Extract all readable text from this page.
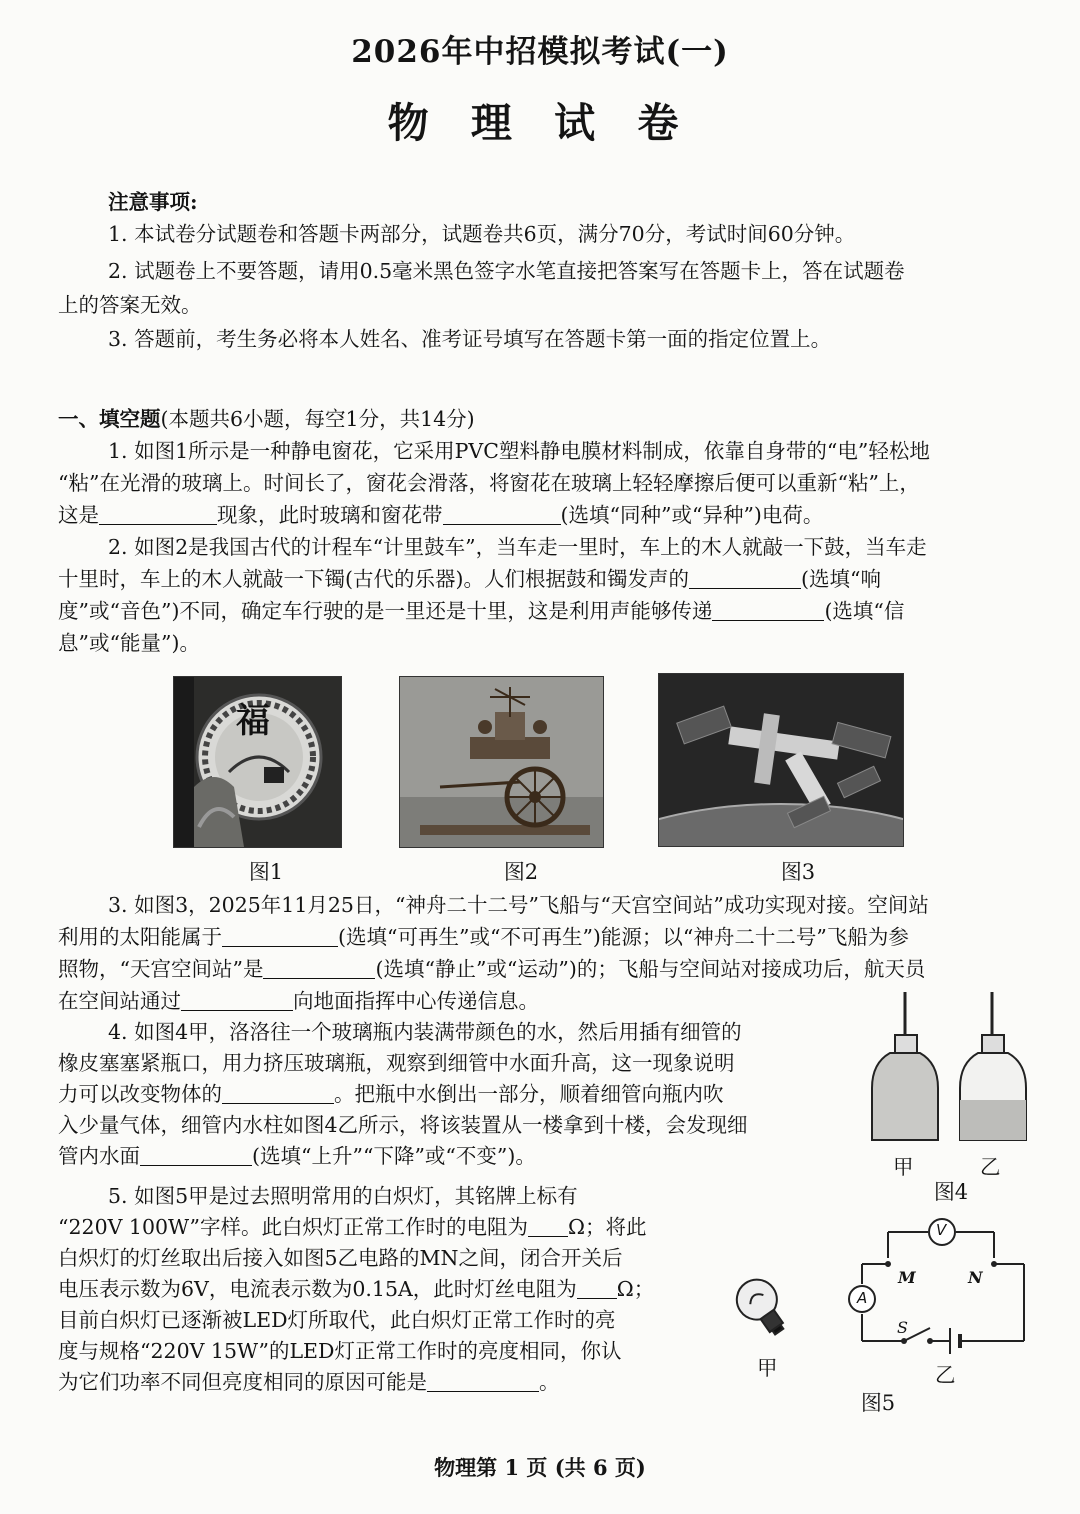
2026年中招模拟考试(一)
物 理 试 卷
注意事项:
1. 本试卷分试题卷和答题卡两部分，试题卷共6页，满分70分，考试时间60分钟。
2. 试题卷上不要答题，请用0.5毫米黑色签字水笔直接把答案写在答题卡上，答在试题卷
上的答案无效。
3. 答题前，考生务必将本人姓名、准考证号填写在答题卡第一面的指定位置上。
一、填空题(本题共6小题，每空1分，共14分)
1. 如图1所示是一种静电窗花，它采用PVC塑料静电膜材料制成，依靠自身带的“电”轻松地
“粘”在光滑的玻璃上。时间长了，窗花会滑落，将窗花在玻璃上轻轻摩擦后便可以重新“粘”上，
这是	现象，此时玻璃和窗花带	(选填“同种”或“异种”)电荷。
2. 如图2是我国古代的计程车“计里鼓车”，当车走一里时，车上的木人就敲一下鼓，当车走
十里时，车上的木人就敲一下镯(古代的乐器)。人们根据鼓和镯发声的	(选填“响
度”或“音色”)不同，确定车行驶的是一里还是十里，这是利用声能够传递	(选填“信
息”或“能量”)。
福
图1	图2	图3
3. 如图3，2025年11月25日，“神舟二十二号”飞船与“天宫空间站”成功实现对接。空间站
利用的太阳能属于	(选填“可再生”或“不可再生”)能源；以“神舟二十二号”飞船为参
照物，“天宫空间站”是	(选填“静止”或“运动”)的；飞船与空间站对接成功后，航天员
在空间站通过	向地面指挥中心传递信息。
4. 如图4甲，洛洛往一个玻璃瓶内装满带颜色的水，然后用插有细管的
橡皮塞塞紧瓶口，用力挤压玻璃瓶，观察到细管中水面升高，这一现象说明
力可以改变物体的	。把瓶中水倒出一部分，顺着细管向瓶内吹
入少量气体，细管内水柱如图4乙所示，将该装置从一楼拿到十楼，会发现细
管内水面	(选填“上升”“下降”或“不变”)。	甲	乙
图4
5. 如图5甲是过去照明常用的白炽灯，其铭牌上标有
“220V 100W”字样。此白炽灯正常工作时的电阻为 Ω；将此
白炽灯的灯丝取出后接入如图5乙电路的MN之间，闭合开关后
电压表示数为6V，电流表示数为0.15A，此时灯丝电阻为 Ω；
目前白炽灯已逐渐被LED灯所取代，此白炽灯正常工作时的亮
度与规格“220V 15W”的LED灯正常工作时的亮度相同，你认
为它们功率不同但亮度相同的原因可能是	。
甲
V
A
M	N
S
乙
图5
物理第 1 页 (共 6 页)
